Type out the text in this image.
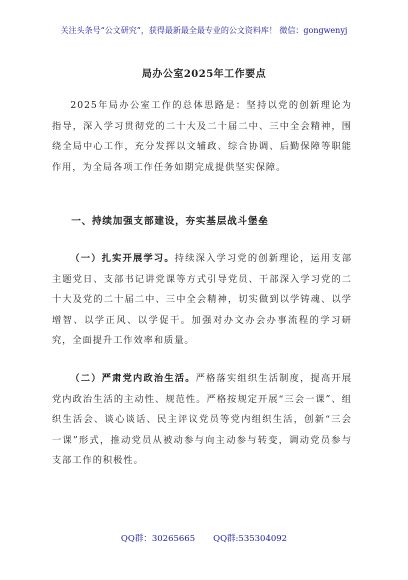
关注头条号“公文研究”，获得最新最全最专业的公文资料库！ 微信：gongwenyj
局办公室2025年工作要点

2025年局办公室工作的总体思路是：坚持以党的创新理论为指导，深入学习贯彻党的二十大及二十届二中、三中全会精神，围绕全局中心工作，充分发挥以文辅政、综合协调、后勤保障等职能作用，为全局各项工作任务如期完成提供坚实保障。

一、持续加强支部建设，夯实基层战斗堡垒

（一）扎实开展学习。持续深入学习党的创新理论，运用支部主题党日、支部书记讲党课等方式引导党员、干部深入学习党的二十大及党的二十届二中、三中全会精神，切实做到以学铸魂、以学增智、以学正风、以学促干。加强对办文办会办事流程的学习研究，全面提升工作效率和质量。

（二）严肃党内政治生活。严格落实组织生活制度，提高开展党内政治生活的主动性、规范性。严格按规定开展“三会一课”、组织生活会、谈心谈话、民主评议党员等党内组织生活，创新“三会一课”形式，推动党员从被动参与向主动参与转变，调动党员参与支部工作的积极性。

QQ群：30265665 QQ群:535304092
